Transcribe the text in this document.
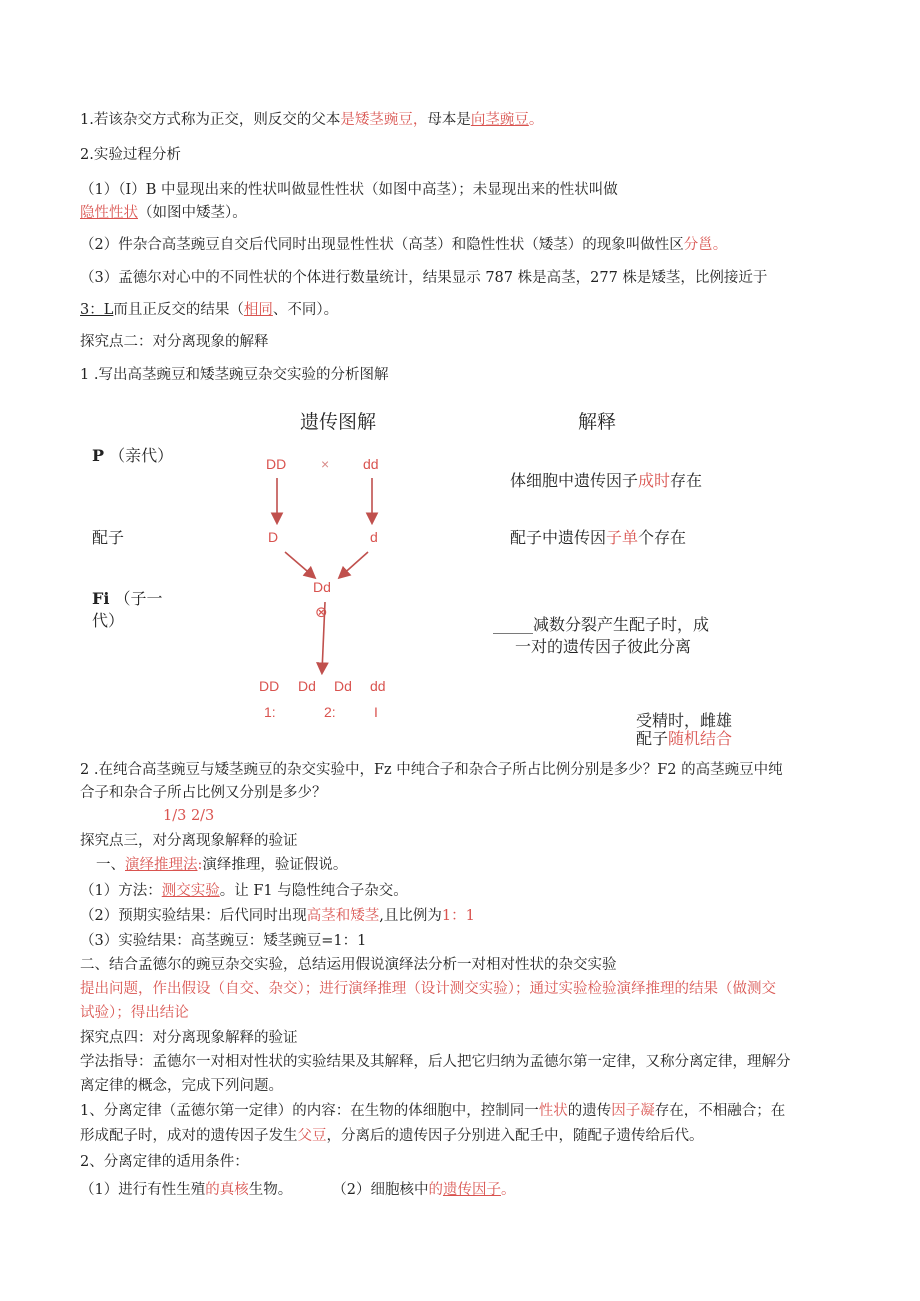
1.若该杂交方式称为正交，则反交的父本是矮茎豌豆，母本是向茎豌豆。
2.实验过程分析
（1）（I）B 中显现出来的性状叫做显性性状（如图中高茎）；未显现出来的性状叫做
隐性性状（如图中矮茎）。
（2）件杂合高茎豌豆自交后代同时出现显性性状（高茎）和隐性性状（矮茎）的现象叫做性区分邕。
（3）孟德尔对心中的不同性状的个体进行数量统计，结果显示 787 株是高茎，277 株是矮茎，比例接近于
3：L而且正反交的结果（相同、不同）。
探究点二：对分离现象的解释
1 .写出高茎豌豆和矮茎豌豆杂交实验的分析图解
遗传图解	解释
P （亲代）
配子
Fi （子一
代）
DD × dd
D	d
Dd
⊗
DD Dd Dd dd
1:	2:	I
体细胞中遗传因子成时存在
配子中遗传因子单个存在
_____减数分裂产生配子时，成
一对的遗传因子彼此分离
受精时，雌雄
配子随机结合
2 .在纯合高茎豌豆与矮茎豌豆的杂交实验中，Fz 中纯合子和杂合子所占比例分别是多少？F2 的高茎豌豆中纯
合子和杂合子所占比例又分别是多少？
1/3 2/3
探究点三，对分离现象解释的验证
一、演绎推理法:演绎推理，验证假说。
（1）方法：测交实验。让 F1 与隐性纯合子杂交。
（2）预期实验结果：后代同时出现高茎和矮茎,且比例为1：1
（3）实验结果：高茎豌豆：矮茎豌豆=1：1
二、结合孟德尔的豌豆杂交实验，总结运用假说演绎法分析一对相对性状的杂交实验
提出问题，作出假设（自交、杂交）；进行演绎推理（设计测交实验）；通过实验检验演绎推理的结果（做测交
试验）；得出结论
探究点四：对分离现象解释的验证
学法指导：孟德尔一对相对性状的实验结果及其解释，后人把它归纳为孟德尔第一定律，又称分离定律，理解分
离定律的概念，完成下列问题。
1、分离定律（孟德尔第一定律）的内容：在生物的体细胞中，控制同一性状的遗传因子凝存在，不相融合；在
形成配子时，成对的遗传因子发生父豆，分离后的遗传因子分别进入配壬中，随配子遗传给后代。
2、分离定律的适用条件：
（1）进行有性生殖的真核生物。	（2）细胞核中的遗传因子。
